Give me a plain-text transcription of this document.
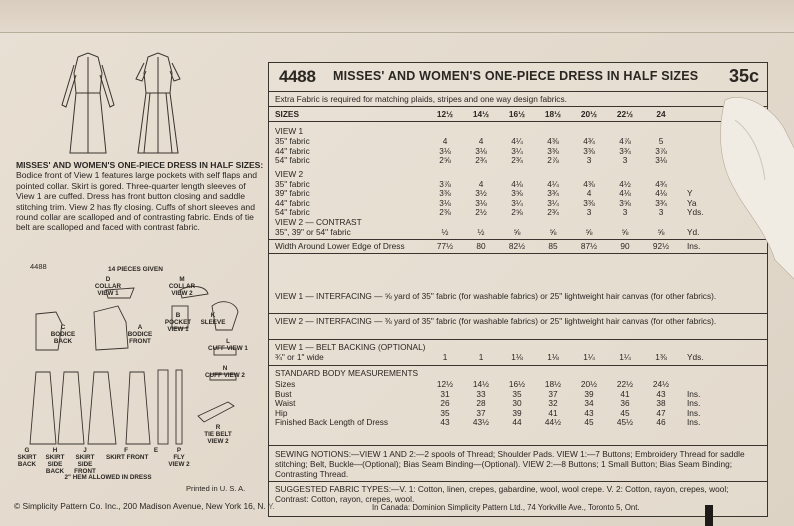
MISSES' AND WOMEN'S ONE-PIECE DRESS IN HALF SIZES: Bodice front of View 1 features large pockets with self flaps and pointed collar. Skirt is gored. Three-quarter length sleeves of View 1 are cuffed. Dress has front button closing and saddle stitching trim. View 2 has fly closing. Cuffs of short sleeves and round collar are scalloped and of contrasting fabric. Ends of tie belt are scalloped and faced with contrast fabric.
4488	14 PIECES GIVEN
D
COLLAR
VIEW 1
M
COLLAR
VIEW 2
C
BODICE
BACK
A
BODICE
FRONT
B
POCKET
VIEW 1
K
SLEEVE
L
CUFF VIEW 1
N
CUFF VIEW 2
G
SKIRT
BACK
H
SKIRT
SIDE
BACK
J
SKIRT
SIDE
FRONT
F
SKIRT FRONT
E	P
FLY
VIEW 2
R
TIE BELT
VIEW 2
2" HEM ALLOWED IN DRESS
Printed in U. S. A.
© Simplicity Pattern Co. Inc., 200 Madison Avenue, New York 16, N. Y.
4488 MISSES' AND WOMEN'S ONE-PIECE DRESS IN HALF SIZES 35c
Extra Fabric is required for matching plaids, stripes and one way design fabrics.
SIZES	12½	14½	16½	18½	20½	22½	24
VIEW 1
35" fabric	4	4	4¼	4⅜	4¾	4⅞	5
44" fabric	3⅛	3⅛	3¼	3⅜	3⅜	3¾	3⅞
54" fabric	2⅝	2¾	2¾	2⅞	3	3	3⅛
VIEW 2
35" fabric	3⅞	4	4⅛	4¼	4⅜	4½	4¾
39" fabric	3⅜	3½	3⅝	3¾	4	4⅛	4⅛	Y
44" fabric	3⅛	3⅛	3¼	3¼	3⅜	3⅝	3¾	Ya
54" fabric	2⅜	2½	2⅝	2¾	3	3	3	Yds.
VIEW 2 — CONTRAST
35", 39" or 54" fabric	½	½	⅝	⅝	⅝	⅝	⅝	Yd.
Width Around Lower Edge of Dress	77½	80	82½	85	87½	90	92½	Ins.
VIEW 1 — INTERFACING — ⅝ yard of 35" fabric (for washable fabrics) or 25" lightweight hair canvas (for other fabrics).
VIEW 2 — INTERFACING — ⅜ yard of 35" fabric (for washable fabrics) or 25" lightweight hair canvas (for other fabrics).
VIEW 1 — BELT BACKING (OPTIONAL)
¾" or 1" wide	1	1	1⅛	1⅛	1¼	1¼	1⅜	Yds.
STANDARD BODY MEASUREMENTS
Sizes	12½	14½	16½	18½	20½	22½	24½
Bust	31	33	35	37	39	41	43	Ins.
Waist	26	28	30	32	34	36	38	Ins.
Hip	35	37	39	41	43	45	47	Ins.
Finished Back Length of Dress	43	43½	44	44½	45	45½	46	Ins.
SEWING NOTIONS:—VIEW 1 AND 2:—2 spools of Thread; Shoulder Pads. VIEW 1:—7 Buttons; Embroidery Thread for saddle stitching; Belt, Buckle—(Optional); Bias Seam Binding—(Optional). VIEW 2:—8 Buttons; 1 Small Button; Bias Seam Binding; Contrasting Thread.
SUGGESTED FABRIC TYPES:—V. 1: Cotton, linen, crepes, gabardine, wool, wool crepe. V. 2: Cotton, rayon, crepes, wool; Contrast: Cotton, rayon, crepes, wool.
In Canada: Dominion Simplicity Pattern Ltd., 74 Yorkville Ave., Toronto 5, Ont.
